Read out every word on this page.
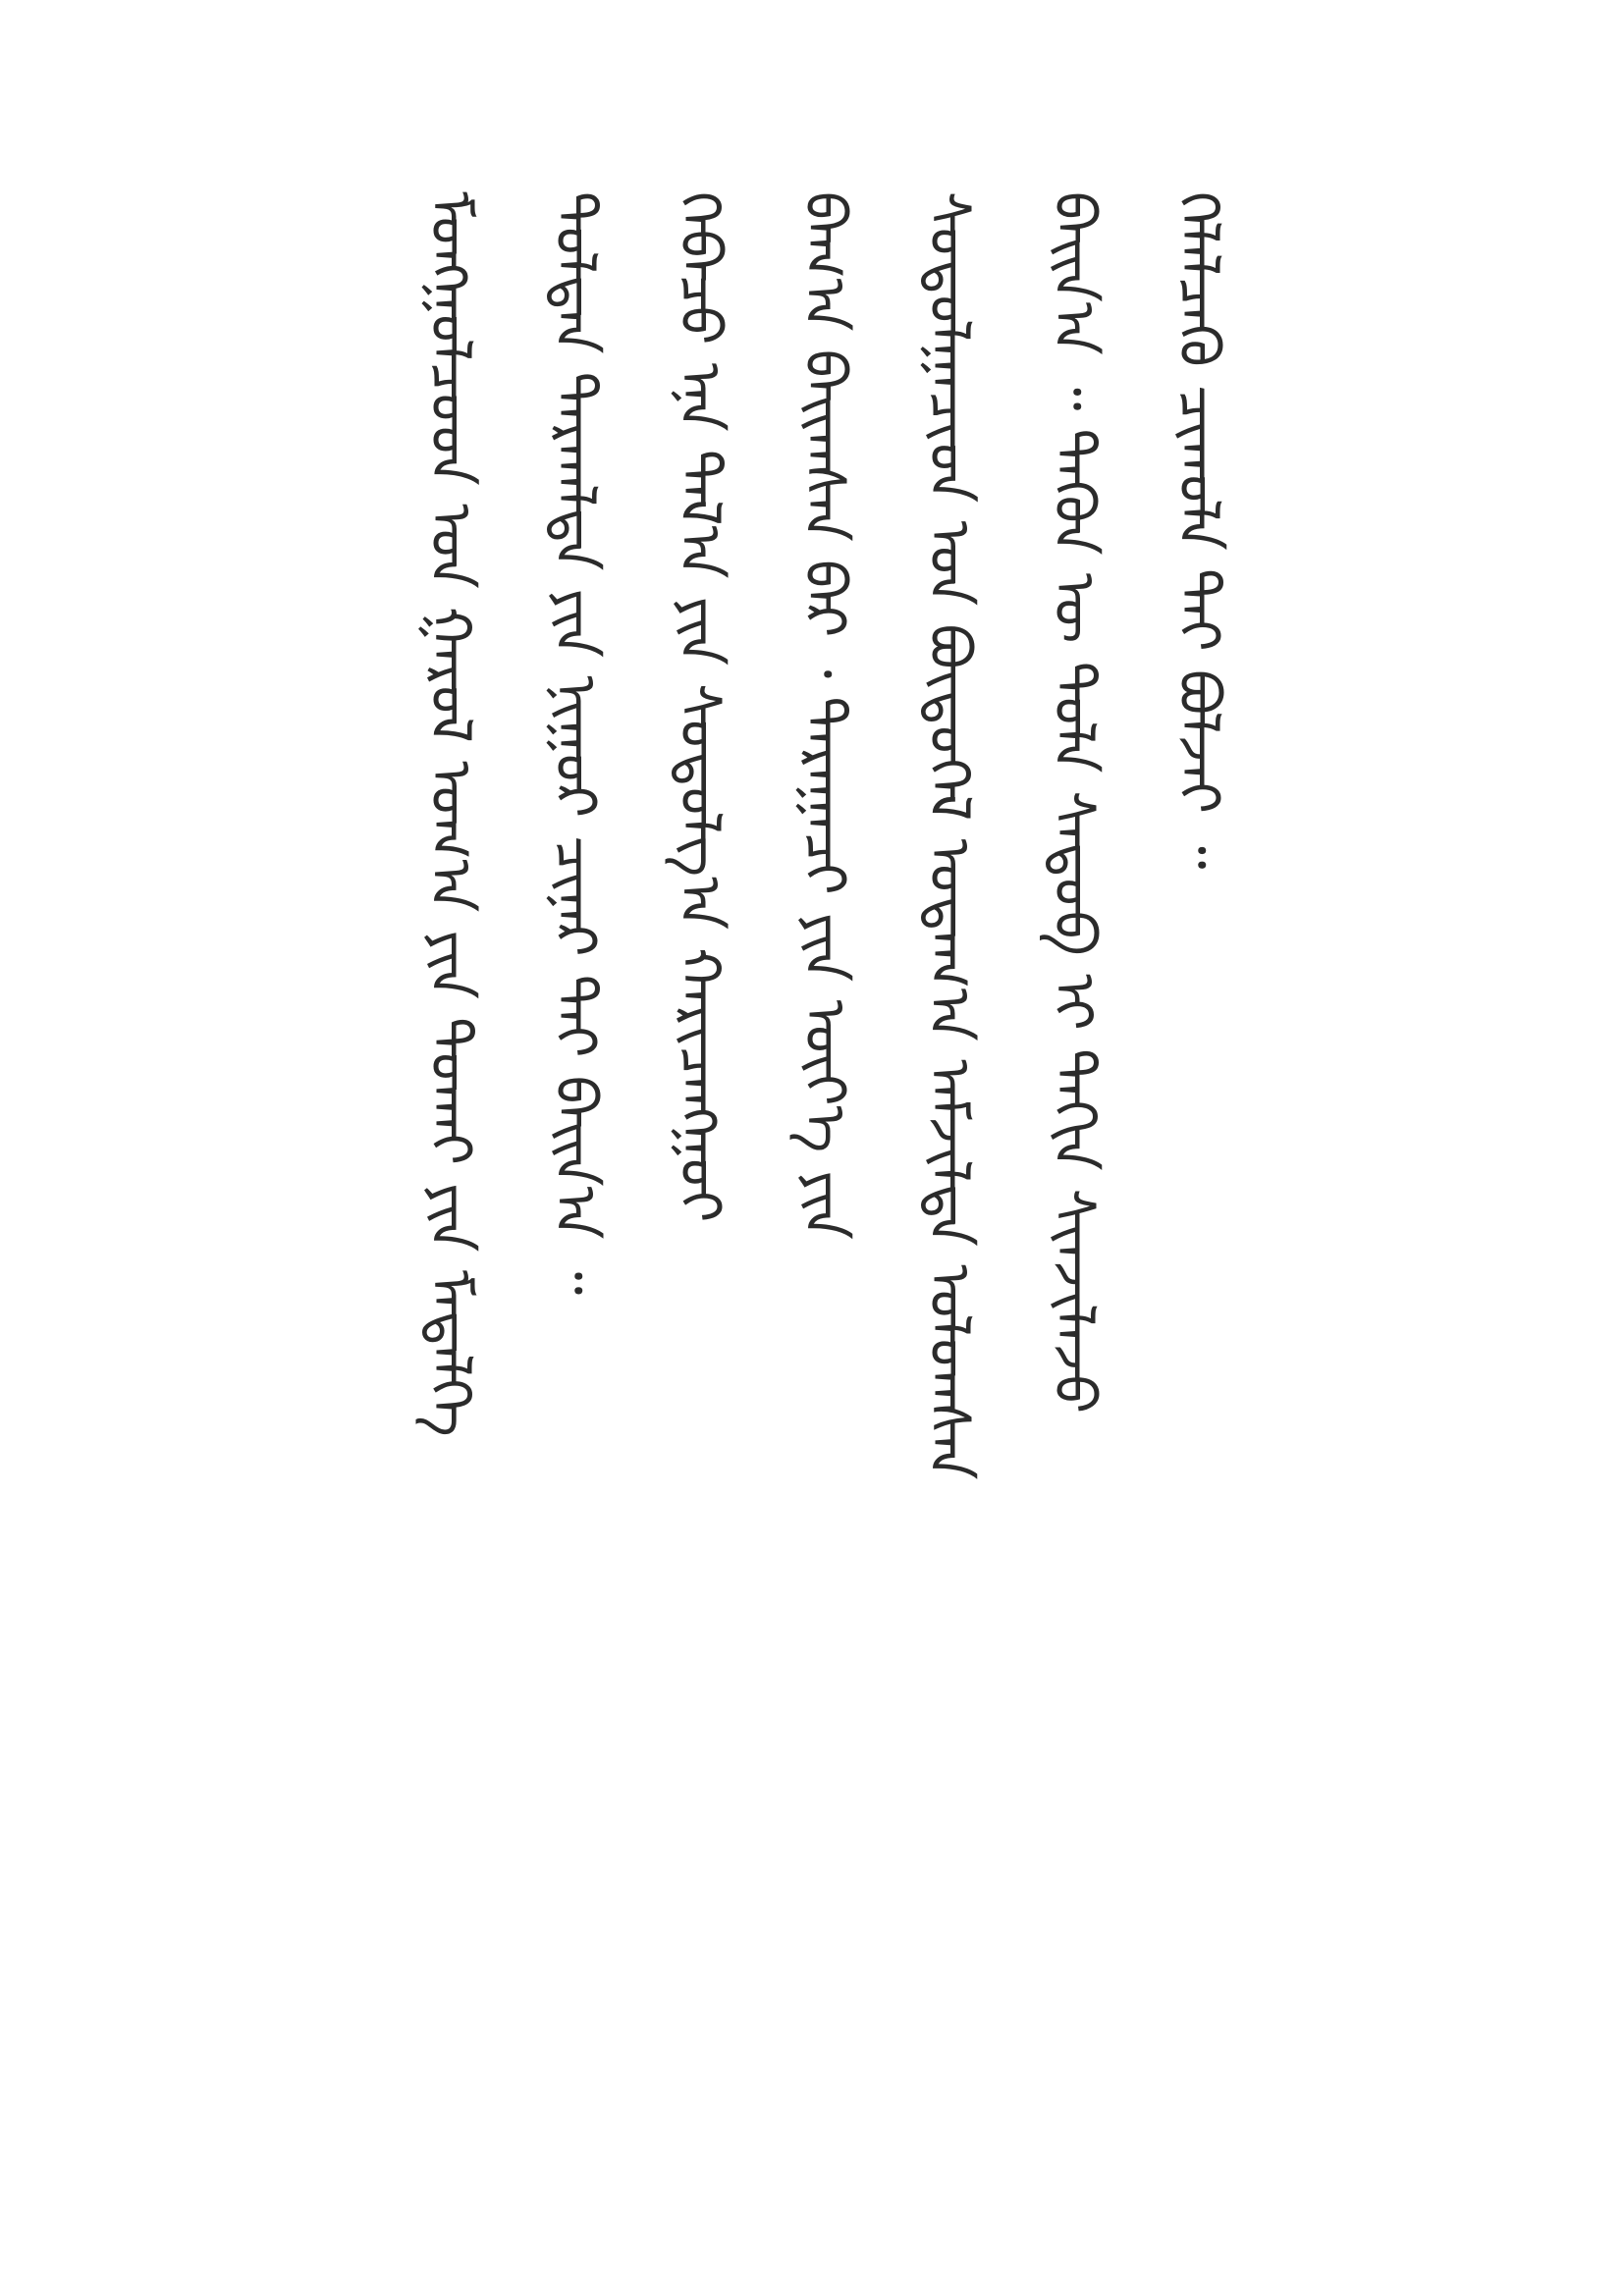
ᠮᠣᠩᠭᠣᠯᠴᠤᠳ ᠤᠨ ᠭᠠᠷᠤᠯ ᠤᠭ᠎ᠠ ᠶᠢᠨ ᠲᠤᠬᠠᠶ ᠶᠢᠨ ᠮᠡᠳᠡᠯᠭᠡ	ᠳᠣᠯᠳᠠᠨ ᠲᠠᠷᠬᠠᠯᠲᠠ ᠶᠢᠨ ᠨᠢᠭᠤᠷ ᠴᠢᠨᠠᠷ ᠲᠠᠢ ᠪᠠᠢᠨ᠎ᠠ ᠃	ᠭᠡᠪᠡᠴᠦ ᠡᠨᠡ ᠲᠠᠯ᠎ᠠ ᠶᠢᠨ ᠰᠤᠳᠤᠯᠭ᠎ᠠ ᠬᠠᠷᠢᠴᠠᠩᠭᠤᠢ	ᠪᠠᠭ᠎ᠠ ᠪᠠᠢᠭᠰᠠᠨ ᠪᠡᠷ ᠂ ᠳᠠᠷᠠᠭᠠᠴᠢ ᠶᠢᠨ ᠦᠶ᠎ᠡ ᠶᠢᠨ	ᠰᠤᠳᠤᠯᠭᠠᠴᠢᠳ ᠤᠨ ᠪᠦᠲᠦᠭᠡᠯ ᠤᠳᠠᠭ᠎ᠠ ᠠᠮᠵᠢᠯᠲᠠ ᠣᠯᠤᠭᠰᠠᠨ	ᠪᠠᠢᠨ᠎ᠠ ᠃ ᠲᠡᠭᠦᠨ ᠦ ᠲᠣᠯᠠ ᠰᠡᠳᠦᠪ ᠢ ᠳᠠᠬᠢᠨ ᠰᠢᠨᠵᠢᠯᠡᠵᠦ	ᠬᠡᠯᠡᠯᠴᠡᠬᠦ ᠴᠢᠬᠤᠯᠠ ᠲᠠᠢ ᠪᠣᠯᠵᠠᠢ ᠃
